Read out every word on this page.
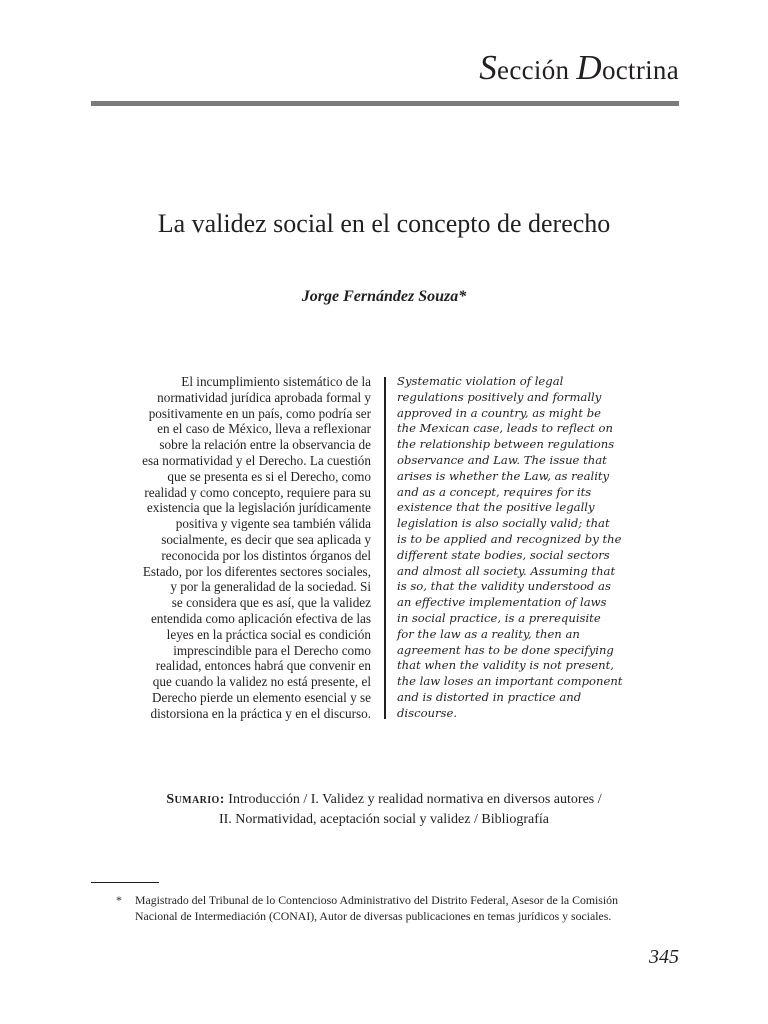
Sección Doctrina
La validez social en el concepto de derecho
Jorge Fernández Souza*
El incumplimiento sistemático de la
normatividad jurídica aprobada formal y
positivamente en un país, como podría ser
en el caso de México, lleva a reflexionar
sobre la relación entre la observancia de
esa normatividad y el Derecho. La cuestión
que se presenta es si el Derecho, como
realidad y como concepto, requiere para su
existencia que la legislación jurídicamente
positiva y vigente sea también válida
socialmente, es decir que sea aplicada y
reconocida por los distintos órganos del
Estado, por los diferentes sectores sociales,
y por la generalidad de la sociedad. Si
se considera que es así, que la validez
entendida como aplicación efectiva de las
leyes en la práctica social es condición
imprescindible para el Derecho como
realidad, entonces habrá que convenir en
que cuando la validez no está presente, el
Derecho pierde un elemento esencial y se
distorsiona en la práctica y en el discurso.
Systematic violation of legal
regulations positively and formally
approved in a country, as might be
the Mexican case, leads to reflect on
the relationship between regulations
observance and Law. The issue that
arises is whether the Law, as reality
and as a concept, requires for its
existence that the positive legally
legislation is also socially valid; that
is to be applied and recognized by the
different state bodies, social sectors
and almost all society. Assuming that
is so, that the validity understood as
an effective implementation of laws
in social practice, is a prerequisite
for the law as a reality, then an
agreement has to be done specifying
that when the validity is not present,
the law loses an important component
and is distorted in practice and
discourse.
Sumario: Introducción / I. Validez y realidad normativa en diversos autores /
II. Normatividad, aceptación social y validez / Bibliografía
* Magistrado del Tribunal de lo Contencioso Administrativo del Distrito Federal, Asesor de la Comisión
Nacional de Intermediación (CONAI), Autor de diversas publicaciones en temas jurídicos y sociales.
345
